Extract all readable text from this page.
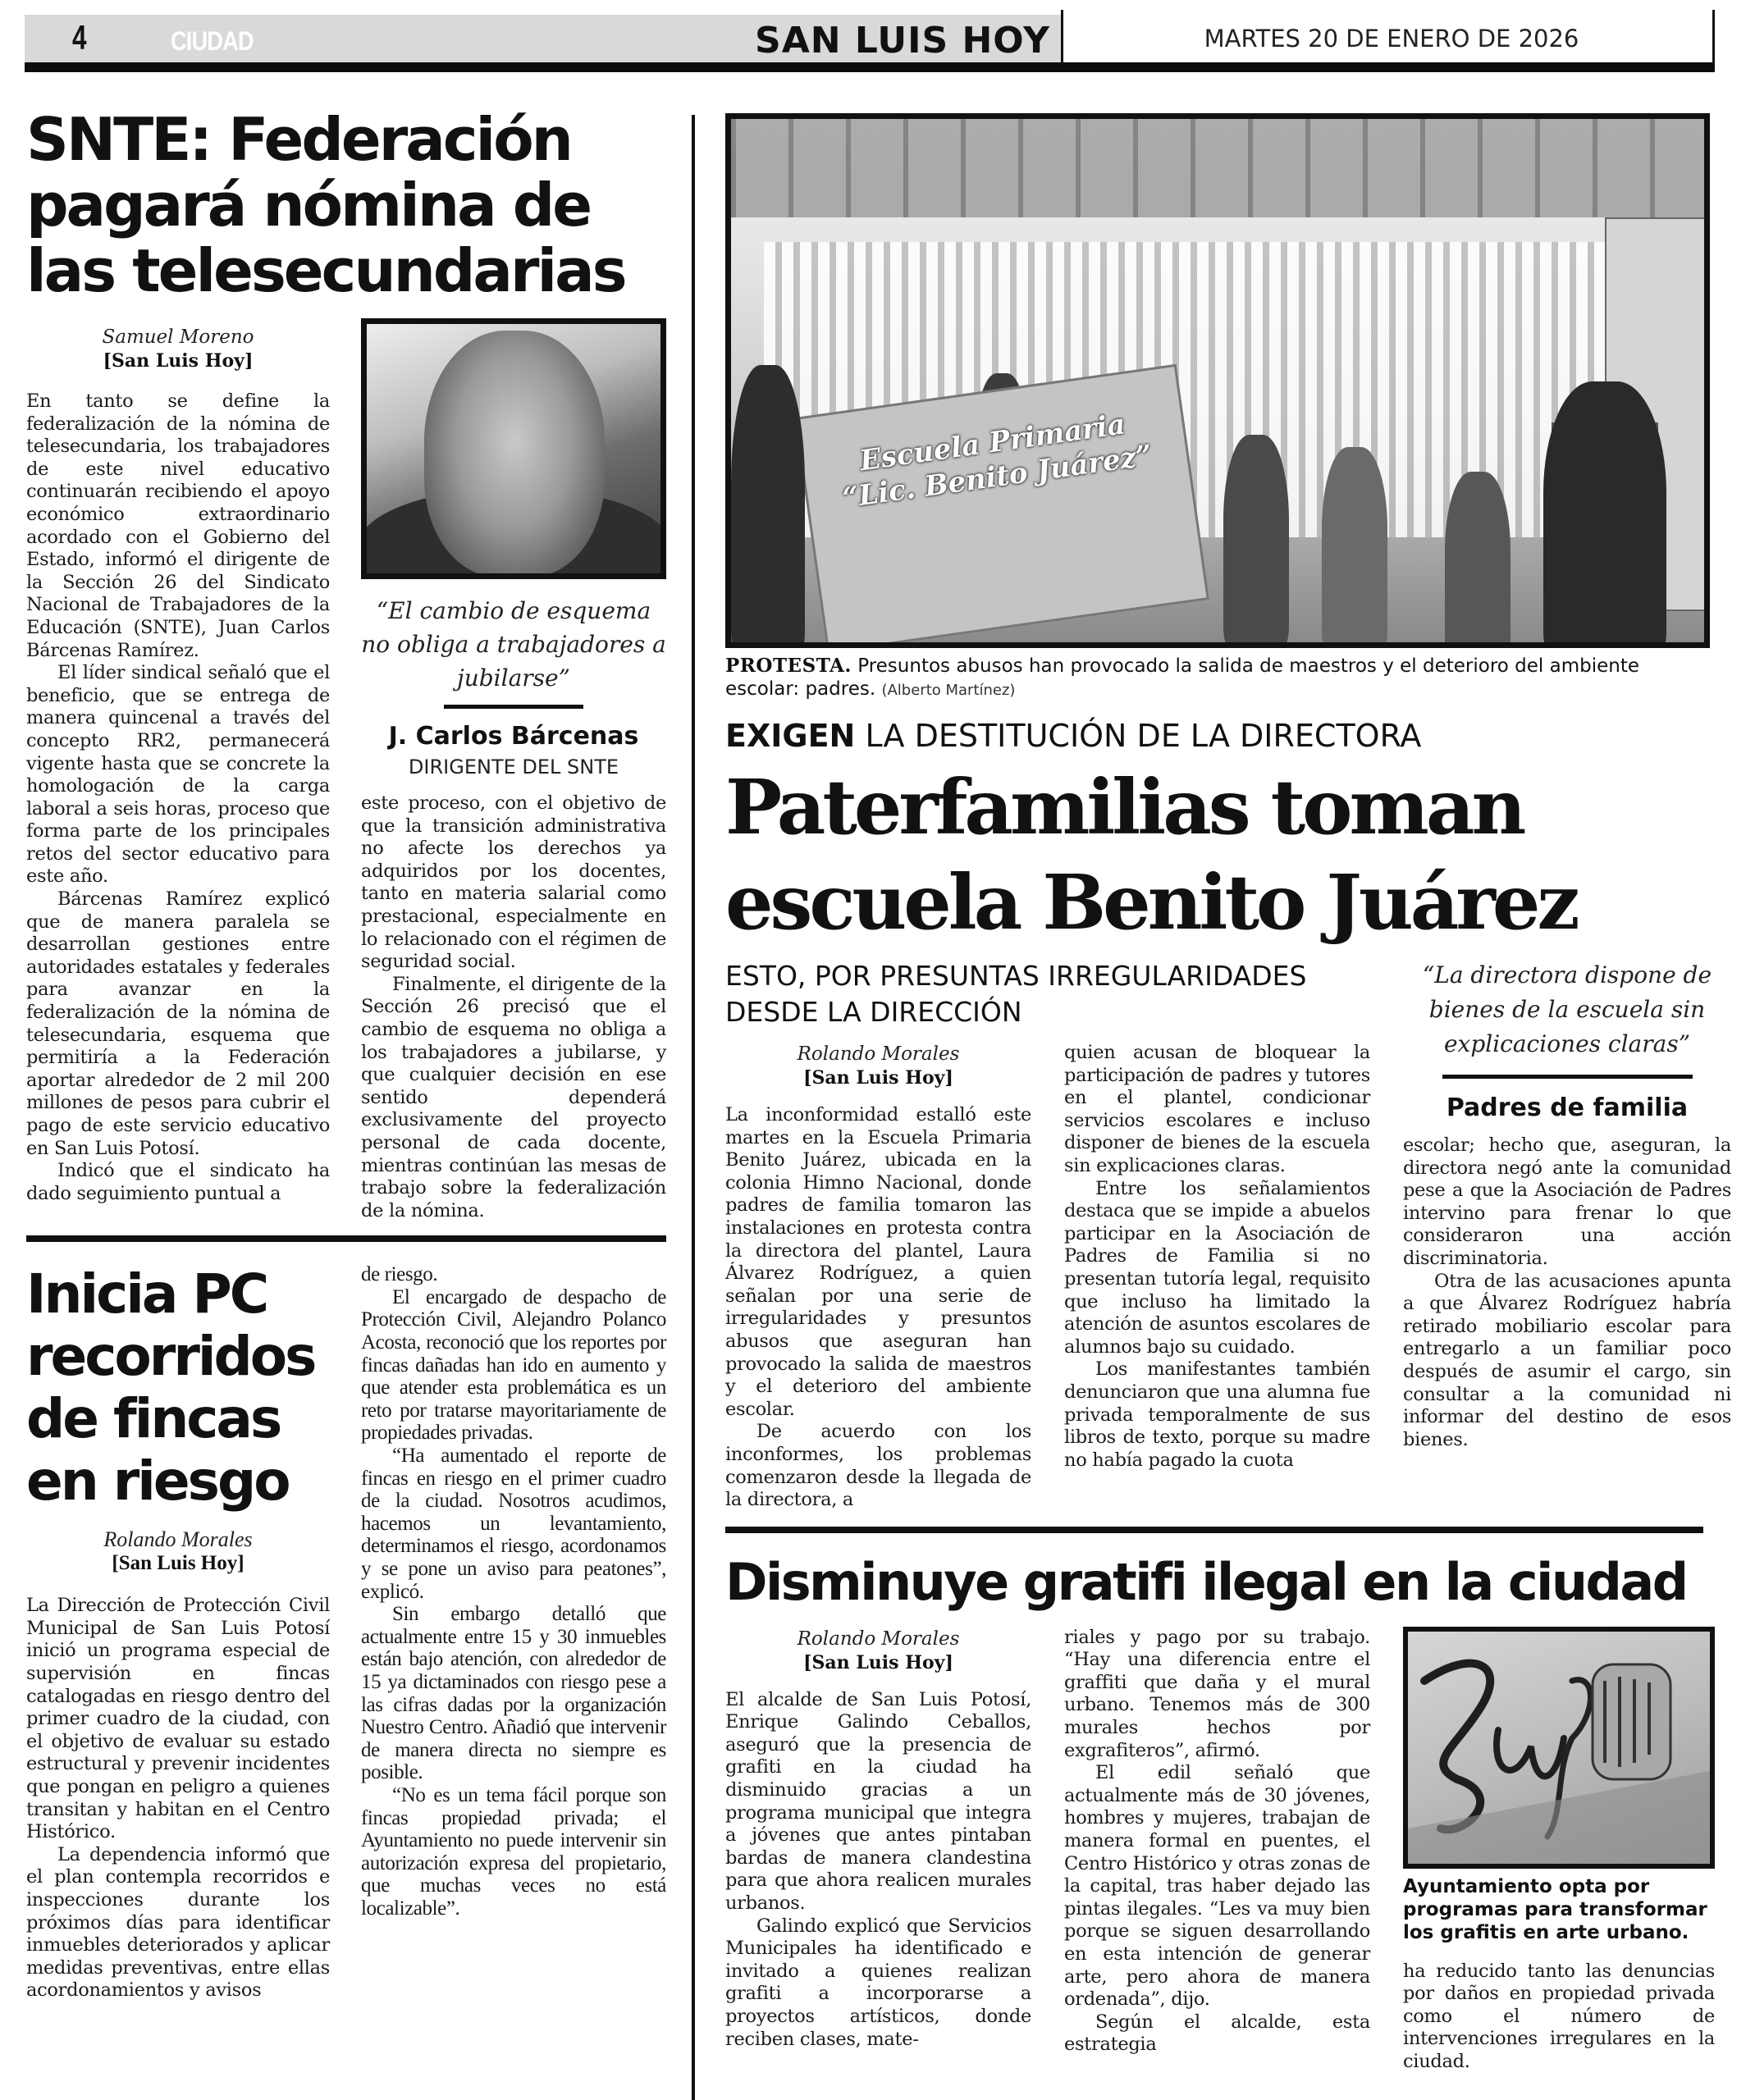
4	CIUDAD	SAN LUIS HOY	MARTES 20 DE ENERO DE 2026
SNTE: Federación pagará nómina de las telesecundarias
Samuel Moreno
[San Luis Hoy]

En tanto se define la federalización de la nómina de telesecundaria, los trabajadores de este nivel educativo continuarán recibiendo el apoyo económico extraordinario acordado con el Gobierno del Estado, informó el dirigente de la Sección 26 del Sindicato Nacional de Trabajadores de la Educación (SNTE), Juan Carlos Bárcenas Ramírez.

El líder sindical señaló que el beneficio, que se entrega de manera quincenal a través del concepto RR2, permanecerá vigente hasta que se concrete la homologación de la carga laboral a seis horas, proceso que forma parte de los principales retos del sector educativo para este año.

Bárcenas Ramírez explicó que de manera paralela se desarrollan gestiones entre autoridades estatales y federales para avanzar en la federalización de la nómina de telesecundaria, esquema que permitiría a la Federación aportar alrededor de 2 mil 200 millones de pesos para cubrir el pago de este servicio educativo en San Luis Potosí.

Indicó que el sindicato ha dado seguimiento puntual a

“El cambio de esquema no obliga a trabajadores a jubilarse”
J. Carlos Bárcenas
DIRIGENTE DEL SNTE

este proceso, con el objetivo de que la transición administrativa no afecte los derechos ya adquiridos por los docentes, tanto en materia salarial como prestacional, especialmente en lo relacionado con el régimen de seguridad social.

Finalmente, el dirigente de la Sección 26 precisó que el cambio de esquema no obliga a los trabajadores a jubilarse, y que cualquier decisión en ese sentido dependerá exclusivamente del proyecto personal de cada docente, mientras continúan las mesas de trabajo sobre la federalización de la nómina.

Inicia PC recorridos de fincas en riesgo
Rolando Morales
[San Luis Hoy]

La Dirección de Protección Civil Municipal de San Luis Potosí inició un programa especial de supervisión en fincas catalogadas en riesgo dentro del primer cuadro de la ciudad, con el objetivo de evaluar su estado estructural y prevenir incidentes que pongan en peligro a quienes transitan y habitan en el Centro Histórico.

La dependencia informó que el plan contempla recorridos e inspecciones durante los próximos días para identificar inmuebles deteriorados y aplicar medidas preventivas, entre ellas acordonamientos y avisos

de riesgo.

El encargado de despacho de Protección Civil, Alejandro Polanco Acosta, reconoció que los reportes por fincas dañadas han ido en aumento y que atender esta problemática es un reto por tratarse mayoritariamente de propiedades privadas.

“Ha aumentado el reporte de fincas en riesgo en el primer cuadro de la ciudad. Nosotros acudimos, hacemos un levantamiento, determinamos el riesgo, acordonamos y se pone un aviso para peatones”, explicó.

Sin embargo detalló que actualmente entre 15 y 30 inmuebles están bajo atención, con alrededor de 15 ya dictaminados con riesgo pese a las cifras dadas por la organización Nuestro Centro. Añadió que intervenir de manera directa no siempre es posible.

“No es un tema fácil porque son fincas propiedad privada; el Ayuntamiento no puede intervenir sin autorización expresa del propietario, que muchas veces no está localizable”.

Escuela Primaria “Lic. Benito Juárez”
PROTESTA. Presuntos abusos han provocado la salida de maestros y el deterioro del ambiente escolar: padres. (Alberto Martínez)
EXIGEN LA DESTITUCIÓN DE LA DIRECTORA
Paterfamilias toman escuela Benito Juárez
ESTO, POR PRESUNTAS IRREGULARIDADES DESDE LA DIRECCIÓN
Rolando Morales
[San Luis Hoy]

La inconformidad estalló este martes en la Escuela Primaria Benito Juárez, ubicada en la colonia Himno Nacional, donde padres de familia tomaron las instalaciones en protesta contra la directora del plantel, Laura Álvarez Rodríguez, a quien señalan por una serie de irregularidades y presuntos abusos que aseguran han provocado la salida de maestros y el deterioro del ambiente escolar.

De acuerdo con los inconformes, los problemas comenzaron desde la llegada de la directora, a

quien acusan de bloquear la participación de padres y tutores en el plantel, condicionar servicios escolares e incluso disponer de bienes de la escuela sin explicaciones claras.

Entre los señalamientos destaca que se impide a abuelos participar en la Asociación de Padres de Familia si no presentan tutoría legal, requisito que incluso ha limitado la atención de asuntos escolares de alumnos bajo su cuidado.

Los manifestantes también denunciaron que una alumna fue privada temporalmente de sus libros de texto, porque su madre no había pagado la cuota

“La directora dispone de bienes de la escuela sin explicaciones claras”
Padres de familia

escolar; hecho que, aseguran, la directora negó ante la comunidad pese a que la Asociación de Padres intervino para frenar lo que consideraron una acción discriminatoria.

Otra de las acusaciones apunta a que Álvarez Rodríguez habría retirado mobiliario escolar para entregarlo a un familiar poco después de asumir el cargo, sin consultar a la comunidad ni informar del destino de esos bienes.

Disminuye gratifi ilegal en la ciudad
Rolando Morales
[San Luis Hoy]

El alcalde de San Luis Potosí, Enrique Galindo Ceballos, aseguró que la presencia de grafiti en la ciudad ha disminuido gracias a un programa municipal que integra a jóvenes que antes pintaban bardas de manera clandestina para que ahora realicen murales urbanos.

Galindo explicó que Servicios Municipales ha identificado e invitado a quienes realizan grafiti a incorporarse a proyectos artísticos, donde reciben clases, mate-

riales y pago por su trabajo. “Hay una diferencia entre el graffiti que daña y el mural urbano. Tenemos más de 300 murales hechos por exgrafiteros”, afirmó.

El edil señaló que actualmente más de 30 jóvenes, hombres y mujeres, trabajan de manera formal en puentes, el Centro Histórico y otras zonas de la capital, tras haber dejado las pintas ilegales. “Les va muy bien porque se siguen desarrollando en esta intención de generar arte, pero ahora de manera ordenada”, dijo.

Según el alcalde, esta estrategia

Ayuntamiento opta por programas para transformar los grafitis en arte urbano.

ha reducido tanto las denuncias por daños en propiedad privada como el número de intervenciones irregulares en la ciudad.
